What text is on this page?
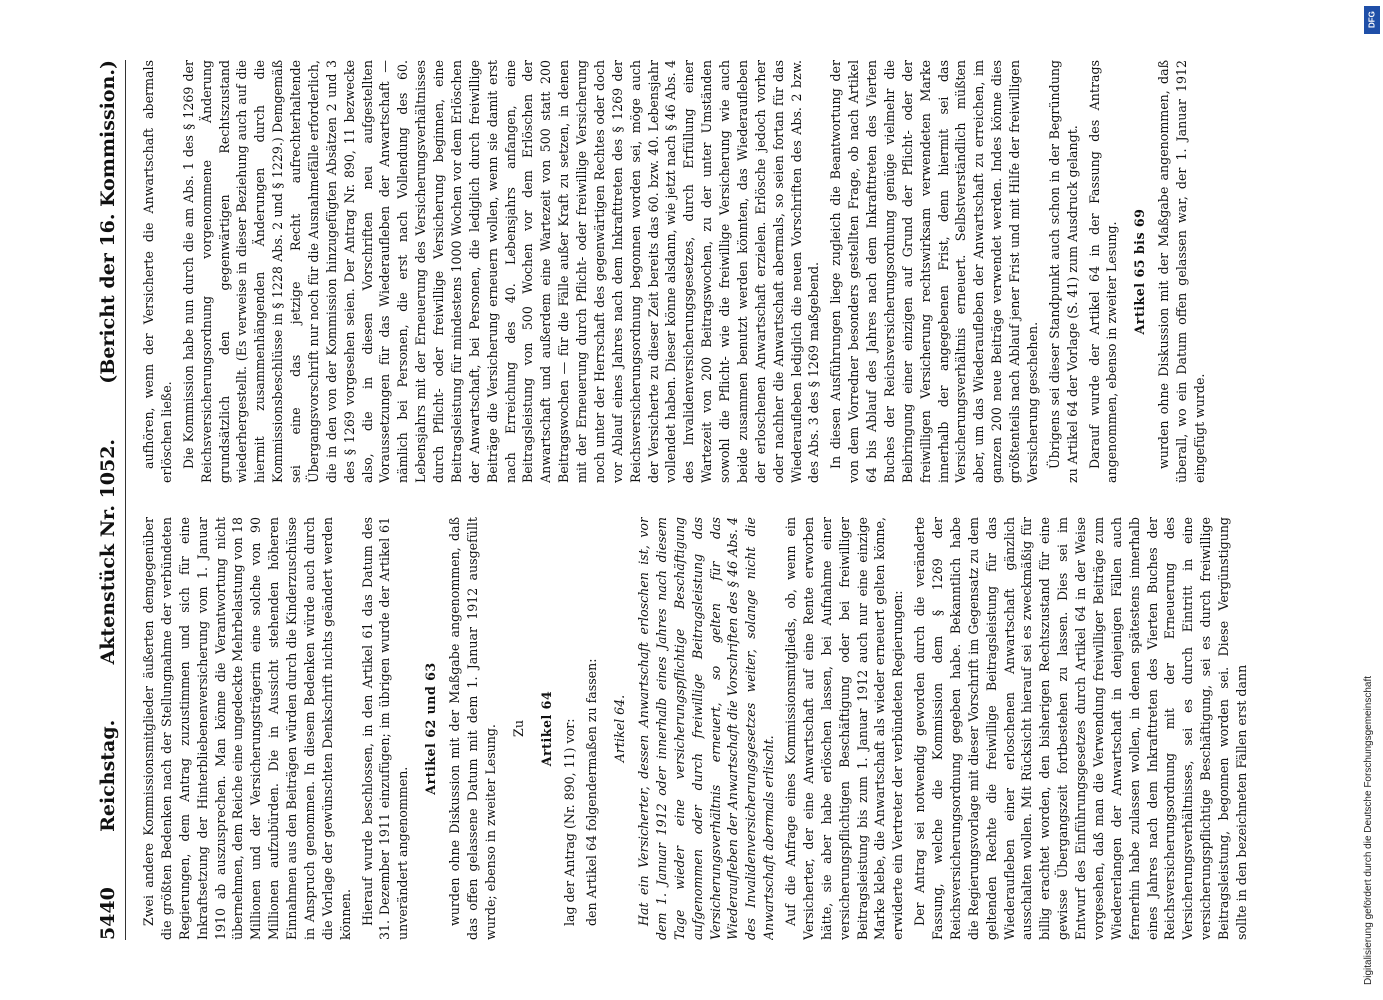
5440
Reichstag.
Aktenstück Nr. 1052.
(Bericht der 16. Kommission.)

Zwei andere Kommissionsmitglieder äußerten demgegenüber die größten Bedenken nach der Stellungnahme der verbündeten Regierungen, dem Antrag zuzustimmen und sich für eine Inkraftsetzung der Hinterbliebenenversicherung vom 1. Januar 1910 ab auszusprechen. Man könne die Verantwortung nicht übernehmen, dem Reiche eine ungedeckte Mehrbelastung von 18 Millionen und der Versicherungsträgerin eine solche von 90 Millionen aufzubürden. Die in Aussicht stehenden höheren Einnahmen aus den Beiträgen würden durch die Kinderzuschüsse in Anspruch genommen. In diesem Bedenken würde auch durch die Vorlage der gewünschten Denkschrift nichts geändert werden können. Hierauf wurde beschlossen, in den Artikel 61 das Datum des 31. Dezember 1911 einzufügen; im übrigen wurde der Artikel 61 unverändert angenommen.

Artikel 62 und 63 wurden ohne Diskussion mit der Maßgabe angenommen, daß das offen gelassene Datum mit dem 1. Januar 1912 ausgefüllt wurde; ebenso in zweiter Lesung. Zu Artikel 64 lag der Antrag (Nr. 890, 11) vor: den Artikel 64 folgendermaßen zu fassen: Artikel 64. Hat ein Versicherter, dessen Anwartschaft erloschen ist, vor dem 1. Januar 1912 oder innerhalb eines Jahres nach diesem Tage wieder eine versicherungspflichtige Beschäftigung aufgenommen oder durch freiwillige Beitragsleistung das Versicherungsverhältnis erneuert, so gelten für das Wiederaufleben der Anwartschaft die Vorschriften des § 46 Abs. 4 des Invalidenversicherungsgesetzes weiter, solange nicht die Anwartschaft abermals erlischt. Auf die Anfrage eines Kommissionsmitglieds, ob, wenn ein Versicherter, der eine Anwartschaft auf eine Rente erworben hätte, sie aber habe erlöschen lassen, bei Aufnahme einer versicherungspflichtigen Beschäftigung oder bei freiwilliger Beitragsleistung bis zum 1. Januar 1912 auch nur eine einzige Marke klebe, die Anwartschaft als wieder erneuert gelten könne, erwiderte ein Vertreter der verbündeten Regierungen: Der Antrag sei notwendig geworden durch die veränderte Fassung, welche die Kommission dem § 1269 der Reichsversicherungsordnung gegeben habe. Bekanntlich habe die Regierungsvorlage mit dieser Vorschrift im Gegensatz zu dem geltenden Rechte die freiwillige Beitragsleistung für das Wiederaufleben einer erloschenen Anwartschaft gänzlich ausschalten wollen. Mit Rücksicht hierauf sei es zweckmäßig für billig erachtet worden, den bisherigen Rechtszustand für eine gewisse Übergangszeit fortbestehen zu lassen. Dies sei im Entwurf des Einführungsgesetzes durch Artikel 64 in der Weise vorgesehen, daß man die Verwendung freiwilliger Beiträge zum Wiedererlangen der Anwartschaft in denjenigen Fällen auch fernerhin habe zulassen wollen, in denen spätestens innerhalb eines Jahres nach dem Inkrafttreten des Vierten Buches der Reichsversicherungsordnung mit der Erneuerung des Versicherungsverhältnisses, sei es durch Eintritt in eine versicherungspflichtige Beschäftigung, sei es durch freiwillige Beitragsleistung, begonnen worden sei. Diese Vergünstigung sollte in den bezeichneten Fällen erst dann

aufhören, wenn der Versicherte die Anwartschaft abermals erlöschen ließe. Die Kommission habe nun durch die am Abs. 1 des § 1269 der Reichsversicherungsordnung vorgenommene Änderung grundsätzlich den gegenwärtigen Rechtszustand wiederhergestellt. (Es verweise in dieser Beziehung auch auf die hiermit zusammenhängenden Änderungen durch die Kommissionsbeschlüsse in § 1228 Abs. 2 und § 1229.) Demgemäß sei eine das jetzige Recht aufrechterhaltende Übergangsvorschrift nur noch für die Ausnahmefälle erforderlich, die in den von der Kommission hinzugefügten Absätzen 2 und 3 des § 1269 vorgesehen seien. Der Antrag Nr. 890, 11 bezwecke also, die in diesen Vorschriften neu aufgestellten Voraussetzungen für das Wiederaufleben der Anwartschaft — nämlich bei Personen, die erst nach Vollendung des 60. Lebensjahrs mit der Erneuerung des Versicherungsverhältnisses durch Pflicht- oder freiwillige Versicherung beginnen, eine Beitragsleistung für mindestens 1000 Wochen vor dem Erlöschen der Anwartschaft, bei Personen, die lediglich durch freiwillige Beiträge die Versicherung erneuern wollen, wenn sie damit erst nach Erreichung des 40. Lebensjahrs anfangen, eine Beitragsleistung von 500 Wochen vor dem Erlöschen der Anwartschaft und außerdem eine Wartezeit von 500 statt 200 Beitragswochen — für die Fälle außer Kraft zu setzen, in denen mit der Erneuerung durch Pflicht- oder freiwillige Versicherung noch unter der Herrschaft des gegenwärtigen Rechtes oder doch vor Ablauf eines Jahres nach dem Inkrafttreten des § 1269 der Reichsversicherungsordnung begonnen worden sei, möge auch der Versicherte zu dieser Zeit bereits das 60. bzw. 40. Lebensjahr vollendet haben. Dieser könne alsdann, wie jetzt nach § 46 Abs. 4 des Invalidenversicherungsgesetzes, durch Erfüllung einer Wartezeit von 200 Beitragswochen, zu der unter Umständen sowohl die Pflicht- wie die freiwillige Versicherung wie auch beide zusammen benutzt werden könnten, das Wiederaufleben der erloschenen Anwartschaft erzielen. Erlösche jedoch vorher oder nachher die Anwartschaft abermals, so seien fortan für das Wiederaufleben lediglich die neuen Vorschriften des Abs. 2 bzw. des Abs. 3 des § 1269 maßgebend. In diesen Ausführungen liege zugleich die Beantwortung der von dem Vorredner besonders gestellten Frage, ob nach Artikel 64 bis Ablauf des Jahres nach dem Inkrafttreten des Vierten Buches der Reichsversicherungsordnung genüge vielmehr die Beibringung einer einzigen auf Grund der Pflicht- oder der freiwilligen Versicherung rechtswirksam verwendeten Marke innerhalb der angegebenen Frist, denn hiermit sei das Versicherungsverhältnis erneuert. Selbstverständlich müßten aber, um das Wiederaufleben der Anwartschaft zu erreichen, im ganzen 200 neue Beiträge verwendet werden. Indes könne dies größtenteils nach Ablauf jener Frist und mit Hilfe der freiwilligen Versicherung geschehen. Übrigens sei dieser Standpunkt auch schon in der Begründung zu Artikel 64 der Vorlage (S. 41) zum Ausdruck gelangt. Darauf wurde der Artikel 64 in der Fassung des Antrags angenommen, ebenso in zweiter Lesung. Artikel 65 bis 69 wurden ohne Diskussion mit der Maßgabe angenommen, daß überall, wo ein Datum offen gelassen war, der 1. Januar 1912 eingefügt wurde.

DFG
Digitalisierung gefördert durch die Deutsche Forschungsgemeinschaft
